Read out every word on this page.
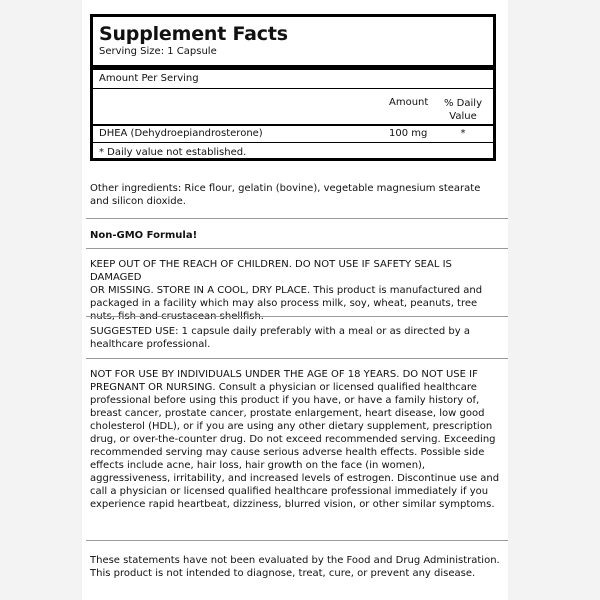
Supplement Facts
Serving Size: 1 Capsule
Amount Per Serving
Amount	% Daily
Value
DHEA (Dehydroepiandrosterone)	100 mg	*
* Daily value not established.
Other ingredients: Rice flour, gelatin (bovine), vegetable magnesium stearate
and silicon dioxide.
Non-GMO Formula!
KEEP OUT OF THE REACH OF CHILDREN. DO NOT USE IF SAFETY SEAL IS DAMAGED
OR MISSING. STORE IN A COOL, DRY PLACE. This product is manufactured and
packaged in a facility which may also process milk, soy, wheat, peanuts, tree

SUGGESTED USE: 1 capsule daily preferably with a meal or as directed by a
healthcare professional.
NOT FOR USE BY INDIVIDUALS UNDER THE AGE OF 18 YEARS. DO NOT USE IF
PREGNANT OR NURSING. Consult a physician or licensed qualified healthcare
professional before using this product if you have, or have a family history of,
breast cancer, prostate cancer, prostate enlargement, heart disease, low good
cholesterol (HDL), or if you are using any other dietary supplement, prescription
drug, or over-the-counter drug. Do not exceed recommended serving. Exceeding
recommended serving may cause serious adverse health effects. Possible side
effects include acne, hair loss, hair growth on the face (in women),
aggressiveness, irritability, and increased levels of estrogen. Discontinue use and
call a physician or licensed qualified healthcare professional immediately if you
experience rapid heartbeat, dizziness, blurred vision, or other similar symptoms.
These statements have not been evaluated by the Food and Drug Administration.
This product is not intended to diagnose, treat, cure, or prevent any disease.
